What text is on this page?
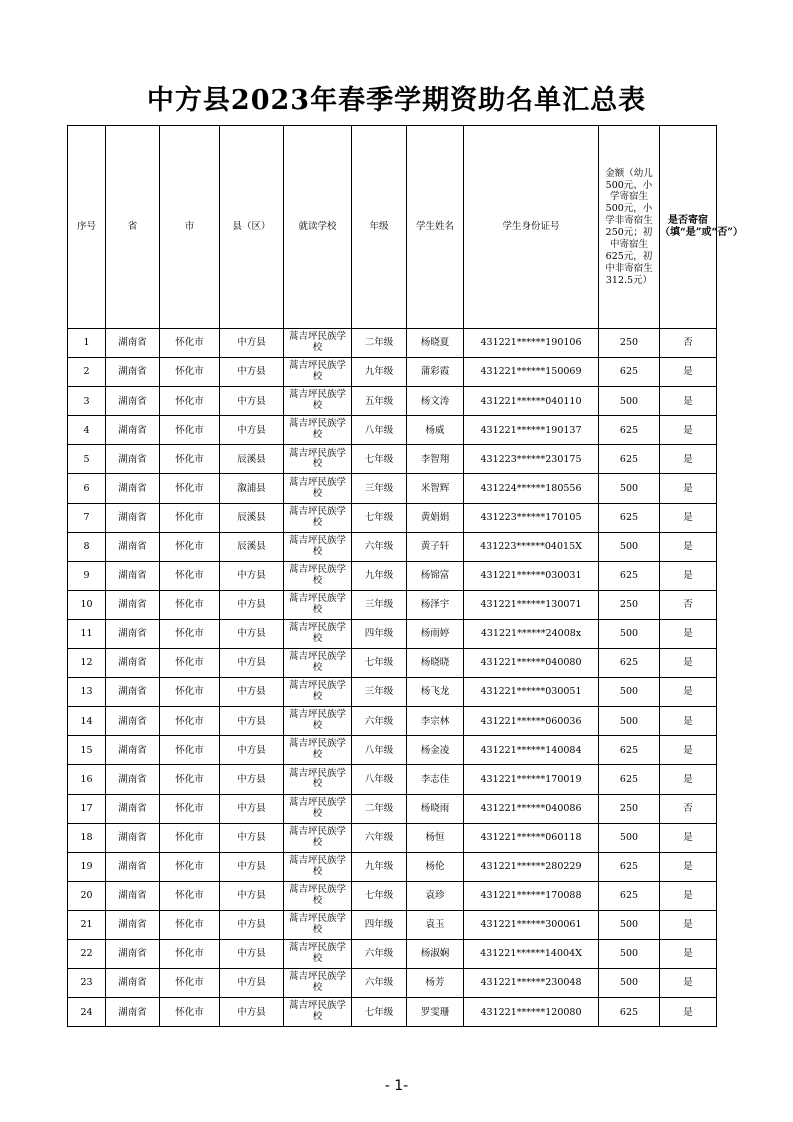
中方县2023年春季学期资助名单汇总表
序号	省	市	县（区）	就读学校	年级	学生姓名	学生身份证号	金额（幼儿500元、小学寄宿生500元，小学非寄宿生250元；初中寄宿生625元，初中非寄宿生312.5元）	是否寄宿（填“是”或“否”）
1	湖南省	怀化市	中方县	蒿吉坪民族学校	二年级	杨晓夏	431221******190106	250	否
2	湖南省	怀化市	中方县	蒿吉坪民族学校	九年级	蒲彩霞	431221******150069	625	是
3	湖南省	怀化市	中方县	蒿吉坪民族学校	五年级	杨文涛	431221******040110	500	是
4	湖南省	怀化市	中方县	蒿吉坪民族学校	八年级	杨威	431221******190137	625	是
5	湖南省	怀化市	辰溪县	蒿吉坪民族学校	七年级	李智翔	431223******230175	625	是
6	湖南省	怀化市	溆浦县	蒿吉坪民族学校	三年级	米智辉	431224******180556	500	是
7	湖南省	怀化市	辰溪县	蒿吉坪民族学校	七年级	黄娟娟	431223******170105	625	是
8	湖南省	怀化市	辰溪县	蒿吉坪民族学校	六年级	黄子轩	431223******04015X	500	是
9	湖南省	怀化市	中方县	蒿吉坪民族学校	九年级	杨锦富	431221******030031	625	是
10	湖南省	怀化市	中方县	蒿吉坪民族学校	三年级	杨泽宇	431221******130071	250	否
11	湖南省	怀化市	中方县	蒿吉坪民族学校	四年级	杨雨婷	431221******24008x	500	是
12	湖南省	怀化市	中方县	蒿吉坪民族学校	七年级	杨晓晓	431221******040080	625	是
13	湖南省	怀化市	中方县	蒿吉坪民族学校	三年级	杨飞龙	431221******030051	500	是
14	湖南省	怀化市	中方县	蒿吉坪民族学校	六年级	李宗林	431221******060036	500	是
15	湖南省	怀化市	中方县	蒿吉坪民族学校	八年级	杨金凌	431221******140084	625	是
16	湖南省	怀化市	中方县	蒿吉坪民族学校	八年级	李志佳	431221******170019	625	是
17	湖南省	怀化市	中方县	蒿吉坪民族学校	二年级	杨晓雨	431221******040086	250	否
18	湖南省	怀化市	中方县	蒿吉坪民族学校	六年级	杨恒	431221******060118	500	是
19	湖南省	怀化市	中方县	蒿吉坪民族学校	九年级	杨伦	431221******280229	625	是
20	湖南省	怀化市	中方县	蒿吉坪民族学校	七年级	袁珍	431221******170088	625	是
21	湖南省	怀化市	中方县	蒿吉坪民族学校	四年级	袁玉	431221******300061	500	是
22	湖南省	怀化市	中方县	蒿吉坪民族学校	六年级	杨淑娴	431221******14004X	500	是
23	湖南省	怀化市	中方县	蒿吉坪民族学校	六年级	杨芳	431221******230048	500	是
24	湖南省	怀化市	中方县	蒿吉坪民族学校	七年级	罗雯珊	431221******120080	625	是
- 1-
